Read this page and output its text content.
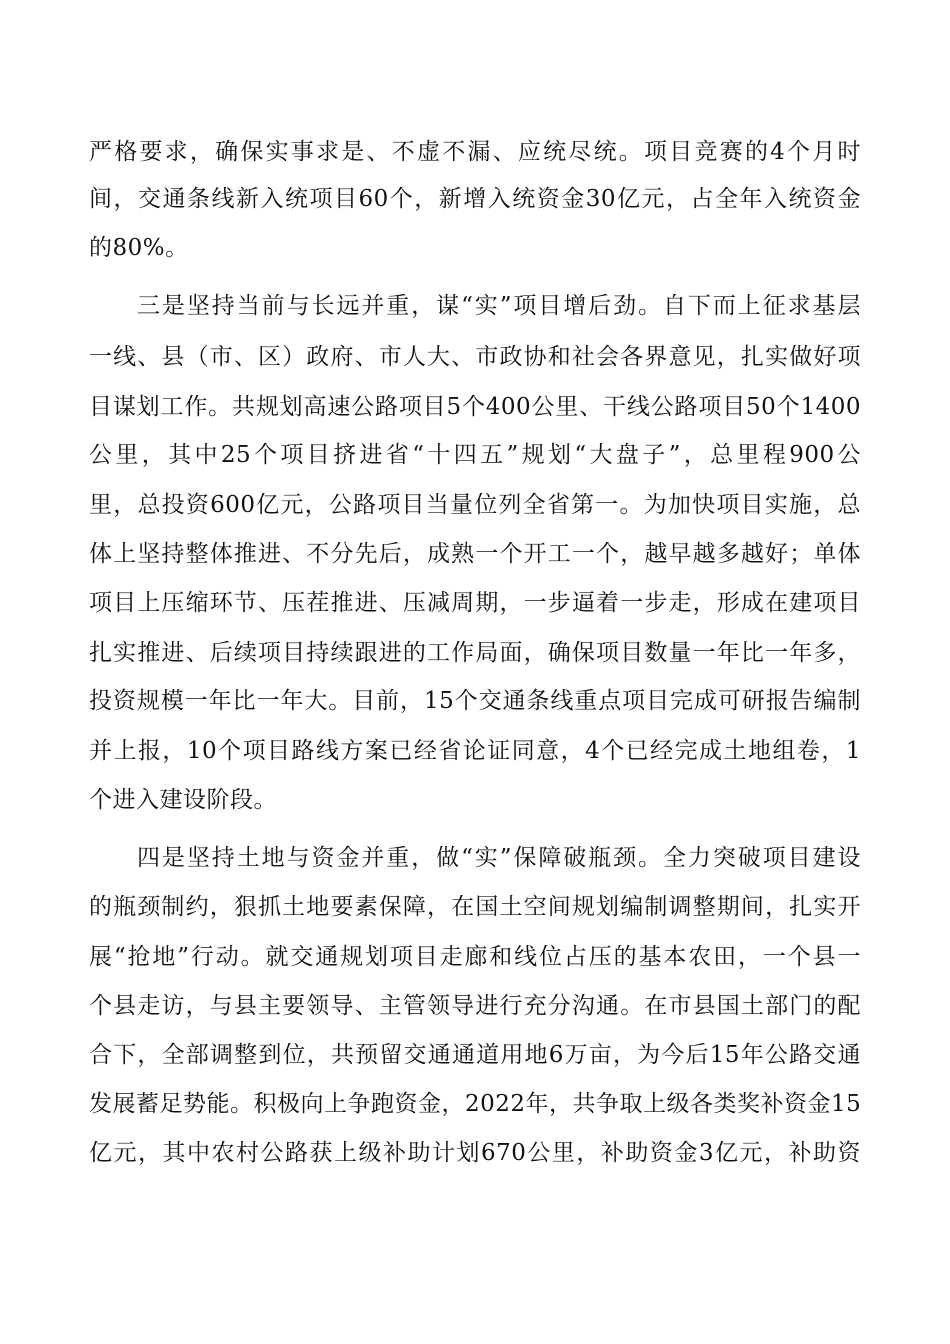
严格要求，确保实事求是、不虚不漏、应统尽统。项目竞赛的4个月时
间，交通条线新入统项目60个，新增入统资金30亿元，占全年入统资金
的80%。
三是坚持当前与长远并重，谋“实”项目增后劲。自下而上征求基层
一线、县（市、区）政府、市人大、市政协和社会各界意见，扎实做好项
目谋划工作。共规划高速公路项目5个400公里、干线公路项目50个1400
公里，其中25个项目挤进省“十四五”规划“大盘子”，总里程900公
里，总投资600亿元，公路项目当量位列全省第一。为加快项目实施，总
体上坚持整体推进、不分先后，成熟一个开工一个，越早越多越好；单体
项目上压缩环节、压茬推进、压减周期，一步逼着一步走，形成在建项目
扎实推进、后续项目持续跟进的工作局面，确保项目数量一年比一年多，
投资规模一年比一年大。目前，15个交通条线重点项目完成可研报告编制
并上报，10个项目路线方案已经省论证同意，4个已经完成土地组卷，1
个进入建设阶段。
四是坚持土地与资金并重，做“实”保障破瓶颈。全力突破项目建设
的瓶颈制约，狠抓土地要素保障，在国土空间规划编制调整期间，扎实开
展“抢地”行动。就交通规划项目走廊和线位占压的基本农田，一个县一
个县走访，与县主要领导、主管领导进行充分沟通。在市县国土部门的配
合下，全部调整到位，共预留交通通道用地6万亩，为今后15年公路交通
发展蓄足势能。积极向上争跑资金，2022年，共争取上级各类奖补资金15
亿元，其中农村公路获上级补助计划670公里，补助资金3亿元，补助资
